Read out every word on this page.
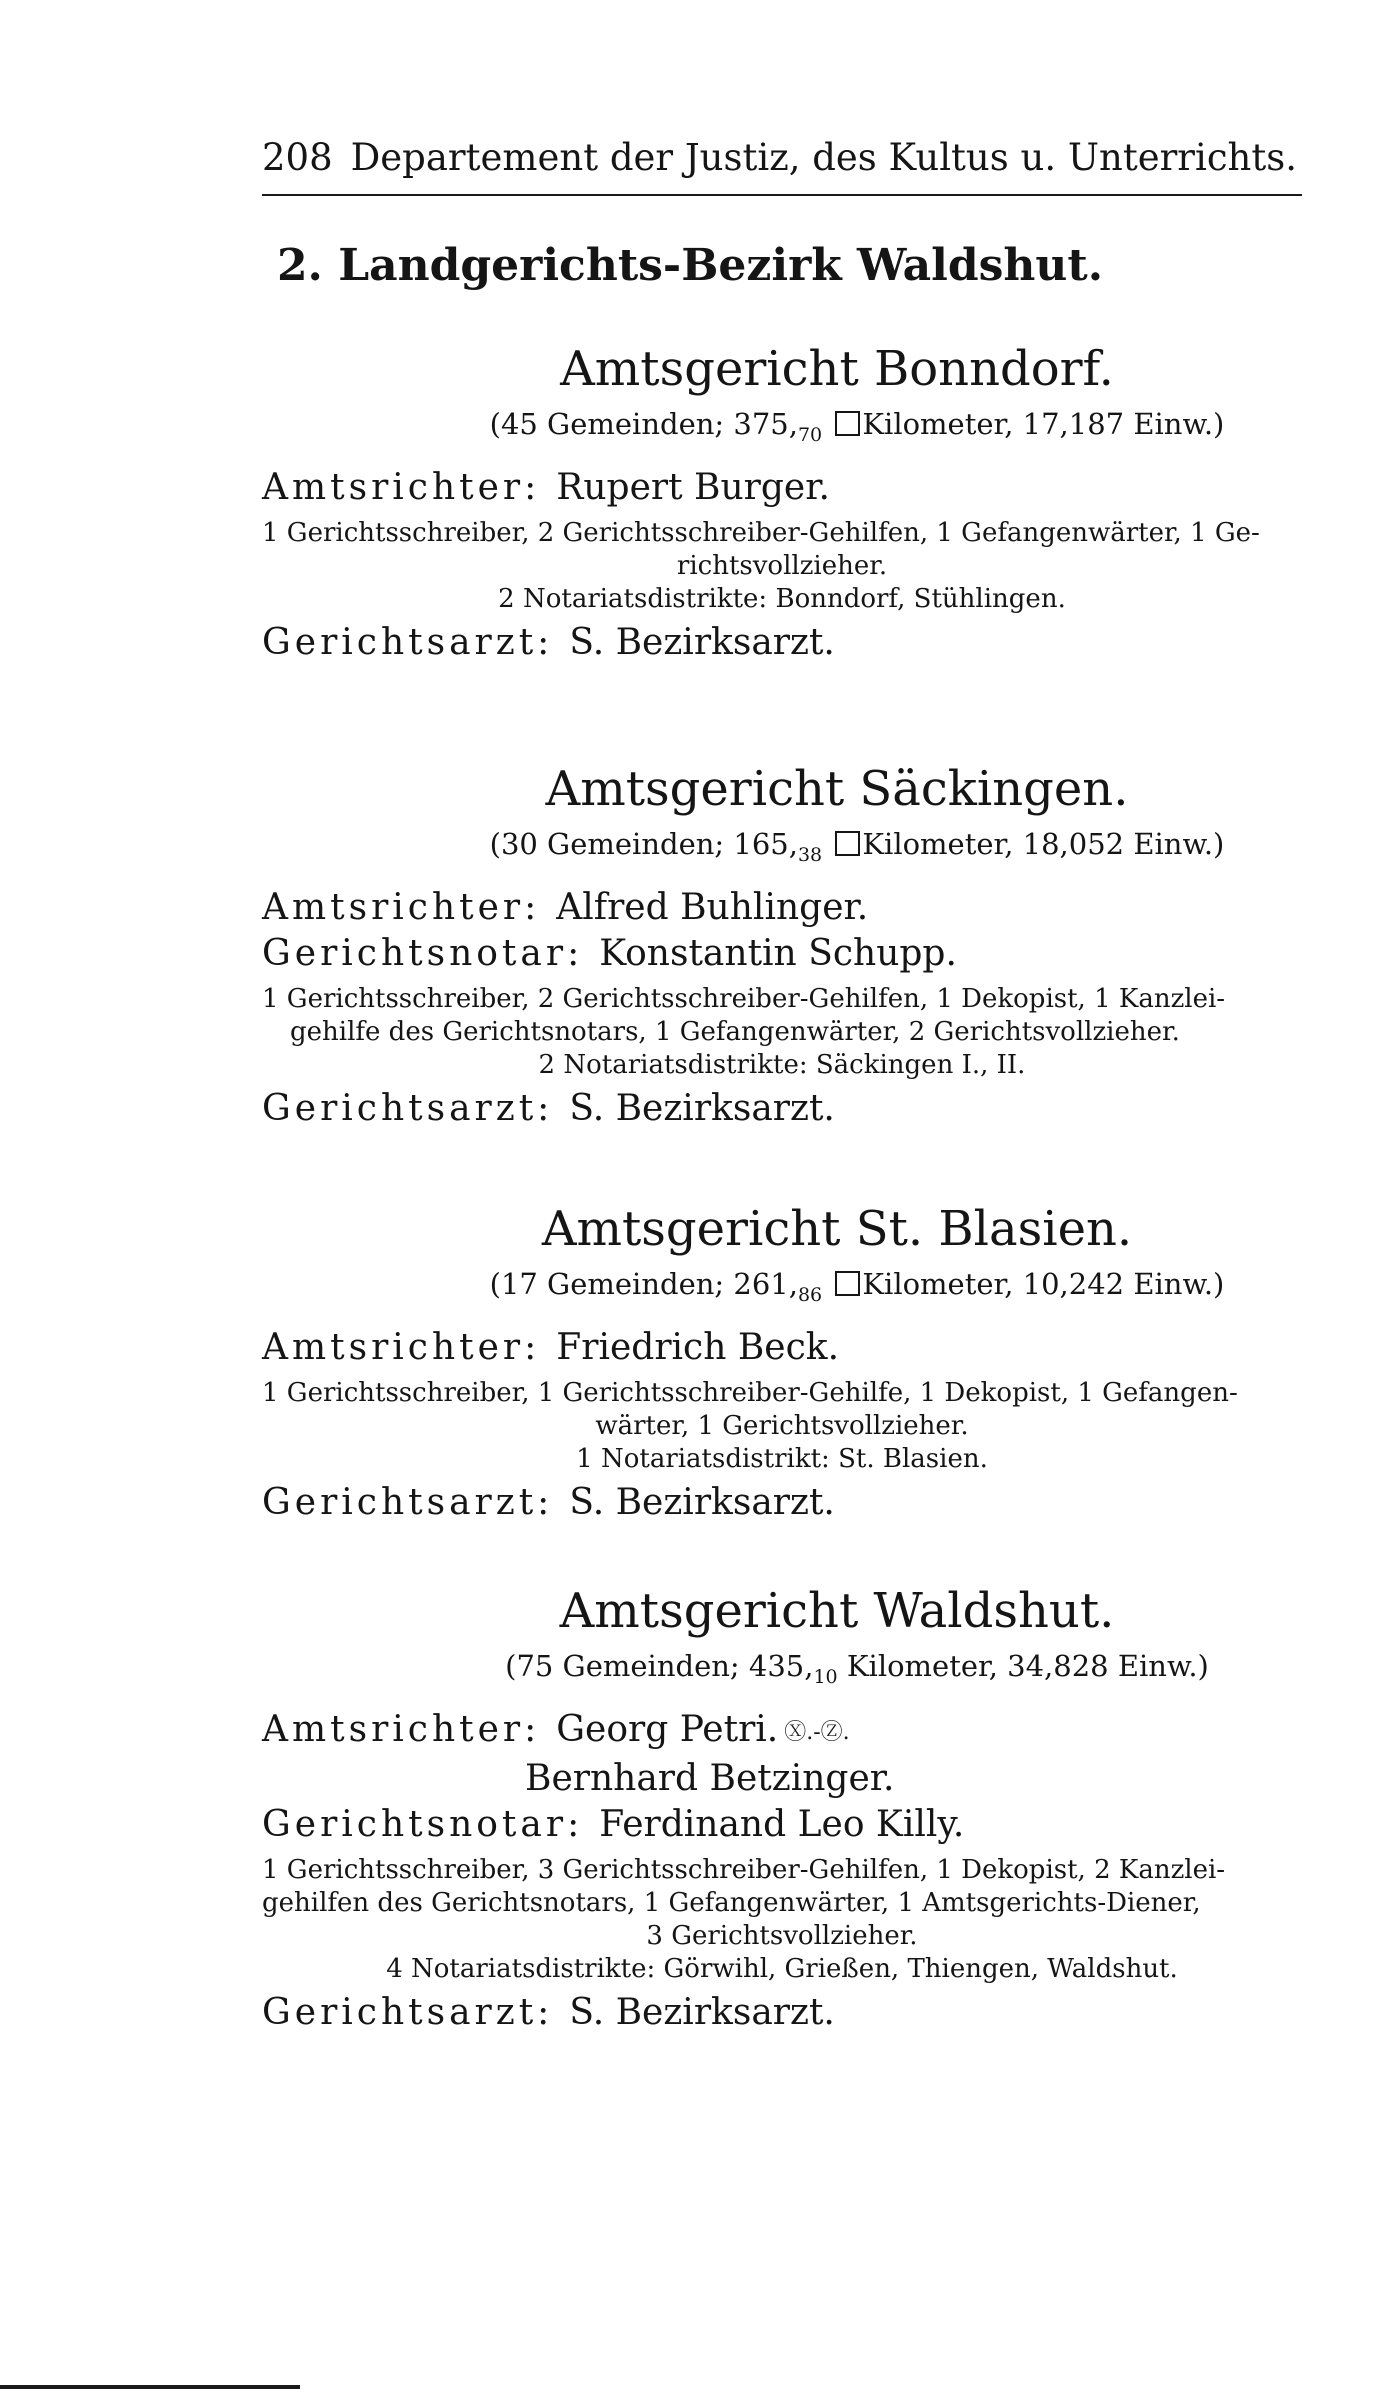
208 Departement der Justiz, des Kultus u. Unterrichts.
2. Landgerichts-Bezirk Waldshut.
Amtsgericht Bonndorf.
(45 Gemeinden; $375,_{70}$ Kilometer, 17,187 Einw.)
Amtsrichter: Rupert Burger.
1 Gerichtsschreiber, 2 Gerichtsschreiber-Gehilfen, 1 Gefangenwärter, 1 Ge-
richtsvollzieher.
2 Notariatsdistrikte: Bonndorf, Stühlingen.
Gerichtsarzt: S. Bezirksarzt.
Amtsgericht Säckingen.
(30 Gemeinden; $165,_{38}$ Kilometer, 18,052 Einw.)
Amtsrichter: Alfred Buhlinger.
Gerichtsnotar: Konstantin Schupp.
1 Gerichtsschreiber, 2 Gerichtsschreiber-Gehilfen, 1 Dekopist, 1 Kanzlei-
gehilfe des Gerichtsnotars, 1 Gefangenwärter, 2 Gerichtsvollzieher.
2 Notariatsdistrikte: Säckingen I., II.
Gerichtsarzt: S. Bezirksarzt.
Amtsgericht St. Blasien.
(17 Gemeinden; $261,_{86}$ Kilometer, 10,242 Einw.)
Amtsrichter: Friedrich Beck.
1 Gerichtsschreiber, 1 Gerichtsschreiber-Gehilfe, 1 Dekopist, 1 Gefangen-
wärter, 1 Gerichtsvollzieher.
1 Notariatsdistrikt: St. Blasien.
Gerichtsarzt: S. Bezirksarzt.
Amtsgericht Waldshut.
(75 Gemeinden; $435,_{10}$ Kilometer, 34,828 Einw.)
Amtsrichter: Georg Petri. Ⓧ.-Ⓩ.
Bernhard Betzinger.
Gerichtsnotar: Ferdinand Leo Killy.
1 Gerichtsschreiber, 3 Gerichtsschreiber-Gehilfen, 1 Dekopist, 2 Kanzlei-
gehilfen des Gerichtsnotars, 1 Gefangenwärter, 1 Amtsgerichts-Diener,
3 Gerichtsvollzieher.
4 Notariatsdistrikte: Görwihl, Grießen, Thiengen, Waldshut.
Gerichtsarzt: S. Bezirksarzt.
